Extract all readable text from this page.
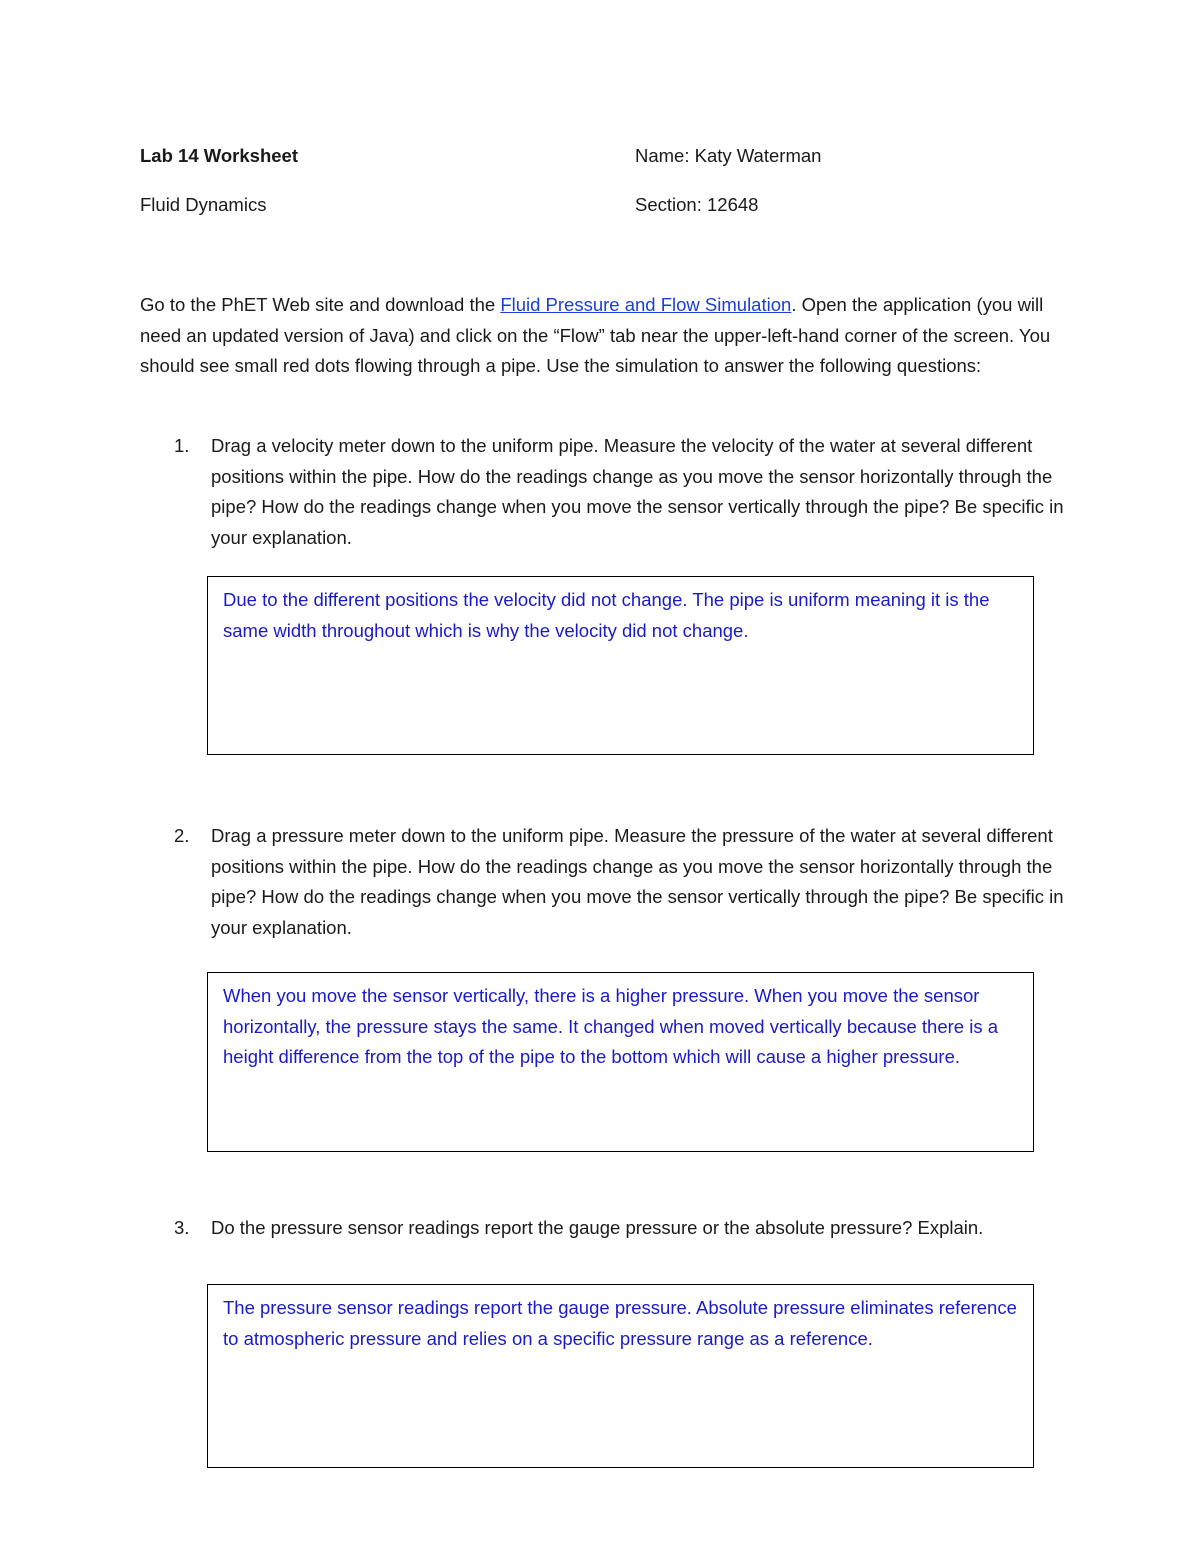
Lab 14 Worksheet	Name: Katy Waterman
Fluid Dynamics	Section: 12648
Go to the PhET Web site and download the Fluid Pressure and Flow Simulation. Open the application (you will need an updated version of Java) and click on the “Flow” tab near the upper-left-hand corner of the screen. You should see small red dots flowing through a pipe. Use the simulation to answer the following questions:
1. Drag a velocity meter down to the uniform pipe. Measure the velocity of the water at several different positions within the pipe. How do the readings change as you move the sensor horizontally through the pipe? How do the readings change when you move the sensor vertically through the pipe? Be specific in your explanation.
Due to the different positions the velocity did not change. The pipe is uniform meaning it is the same width throughout which is why the velocity did not change.
2. Drag a pressure meter down to the uniform pipe. Measure the pressure of the water at several different positions within the pipe. How do the readings change as you move the sensor horizontally through the pipe? How do the readings change when you move the sensor vertically through the pipe? Be specific in your explanation.
When you move the sensor vertically, there is a higher pressure. When you move the sensor horizontally, the pressure stays the same. It changed when moved vertically because there is a height difference from the top of the pipe to the bottom which will cause a higher pressure.
3. Do the pressure sensor readings report the gauge pressure or the absolute pressure? Explain.
The pressure sensor readings report the gauge pressure. Absolute pressure eliminates reference to atmospheric pressure and relies on a specific pressure range as a reference.
